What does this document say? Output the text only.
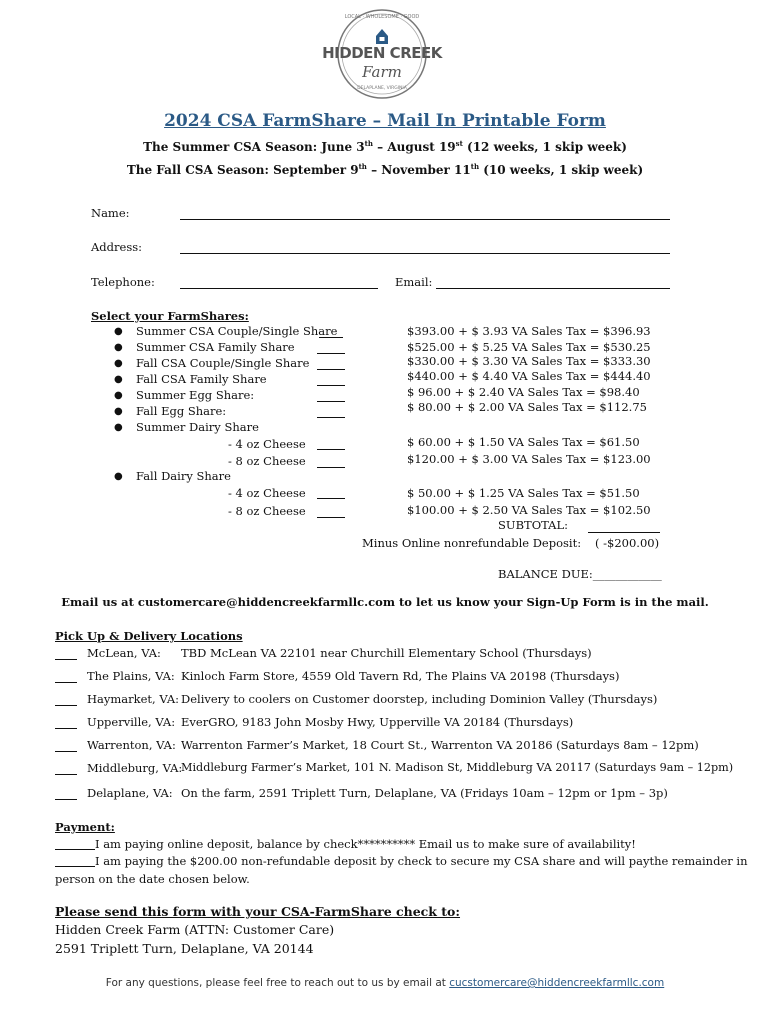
LOCAL · WHOLESOME · GOOD
HIDDEN CREEK
Farm
DELAPLANE, VIRGINIA
2024 CSA FarmShare – Mail In Printable Form
The Summer CSA Season: June 3th – August 19st (12 weeks, 1 skip week)
The Fall CSA Season: September 9th – November 11th (10 weeks, 1 skip week)
Name:
Address:
Telephone:	Email:
Select your FarmShares:
● Summer CSA Couple/Single Share	$393.00 + $ 3.93 VA Sales Tax = $396.93
● Summer CSA Family Share	$525.00 + $ 5.25 VA Sales Tax = $530.25
● Fall CSA Couple/Single Share	$330.00 + $ 3.30 VA Sales Tax = $333.30
● Fall CSA Family Share	$440.00 + $ 4.40 VA Sales Tax = $444.40
● Summer Egg Share:	$ 96.00 + $ 2.40 VA Sales Tax = $98.40
● Fall Egg Share:	$ 80.00 + $ 2.00 VA Sales Tax = $112.75
● Summer Dairy Share
- 4 oz Cheese	$ 60.00 + $ 1.50 VA Sales Tax = $61.50
- 8 oz Cheese	$120.00 + $ 3.00 VA Sales Tax = $123.00
● Fall Dairy Share
- 4 oz Cheese	$ 50.00 + $ 1.25 VA Sales Tax = $51.50
- 8 oz Cheese	$100.00 + $ 2.50 VA Sales Tax = $102.50
SUBTOTAL:
Minus Online nonrefundable Deposit: ( -$200.00)
BALANCE DUE:____________
Email us at customercare@hiddencreekfarmllc.com to let us know your Sign-Up Form is in the mail.
Pick Up & Delivery Locations
McLean, VA: TBD McLean VA 22101 near Churchill Elementary School (Thursdays)
The Plains, VA: Kinloch Farm Store, 4559 Old Tavern Rd, The Plains VA 20198 (Thursdays)
Haymarket, VA: Delivery to coolers on Customer doorstep, including Dominion Valley (Thursdays)
Upperville, VA: EverGRO, 9183 John Mosby Hwy, Upperville VA 20184 (Thursdays)
Warrenton, VA: Warrenton Farmer’s Market, 18 Court St., Warrenton VA 20186 (Saturdays 8am – 12pm)
Middleburg, VA:
Middleburg Farmer’s Market, 101 N. Madison St, Middleburg VA 20117 (Saturdays 9am – 12pm)
Delaplane, VA: On the farm, 2591 Triplett Turn, Delaplane, VA (Fridays 10am – 12pm or 1pm – 3p)
Payment:
I am paying online deposit, balance by check********** Email us to make sure of availability!
I am paying the $200.00 non-refundable deposit by check to secure my CSA share and will paythe remainder in
person on the date chosen below.
Please send this form with your CSA-FarmShare check to:
Hidden Creek Farm (ATTN: Customer Care)
2591 Triplett Turn, Delaplane, VA 20144
For any questions, please feel free to reach out to us by email at cucstomercare@hiddencreekfarmllc.com
